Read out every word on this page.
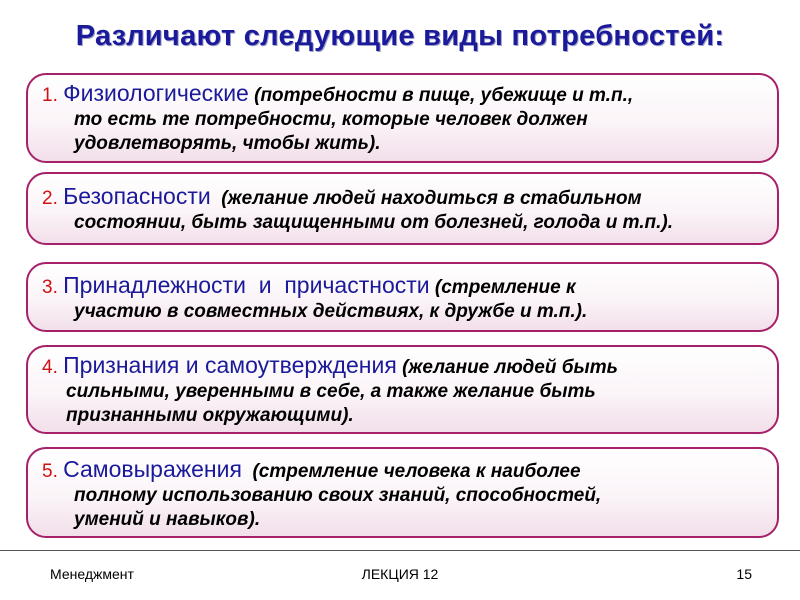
Различают следующие виды потребностей:
1. Физиологические (потребности в пище, убежище и т.п.,
то есть те потребности, которые человек должен
удовлетворять, чтобы жить).
2. Безопасности (желание людей находиться в стабильном
состоянии, быть защищенными от болезней, голода и т.п.).
3. Принадлежности  и  причастности (стремление к
участию в совместных действиях, к дружбе и т.п.).
4. Признания и самоутверждения (желание людей быть
сильными, уверенными в себе, а также желание быть
признанными окружающими).
5. Самовыражения (стремление человека к наиболее
полному использованию своих знаний, способностей,
умений и навыков).
ЛЕКЦИЯ 12
Менеджмент	15
